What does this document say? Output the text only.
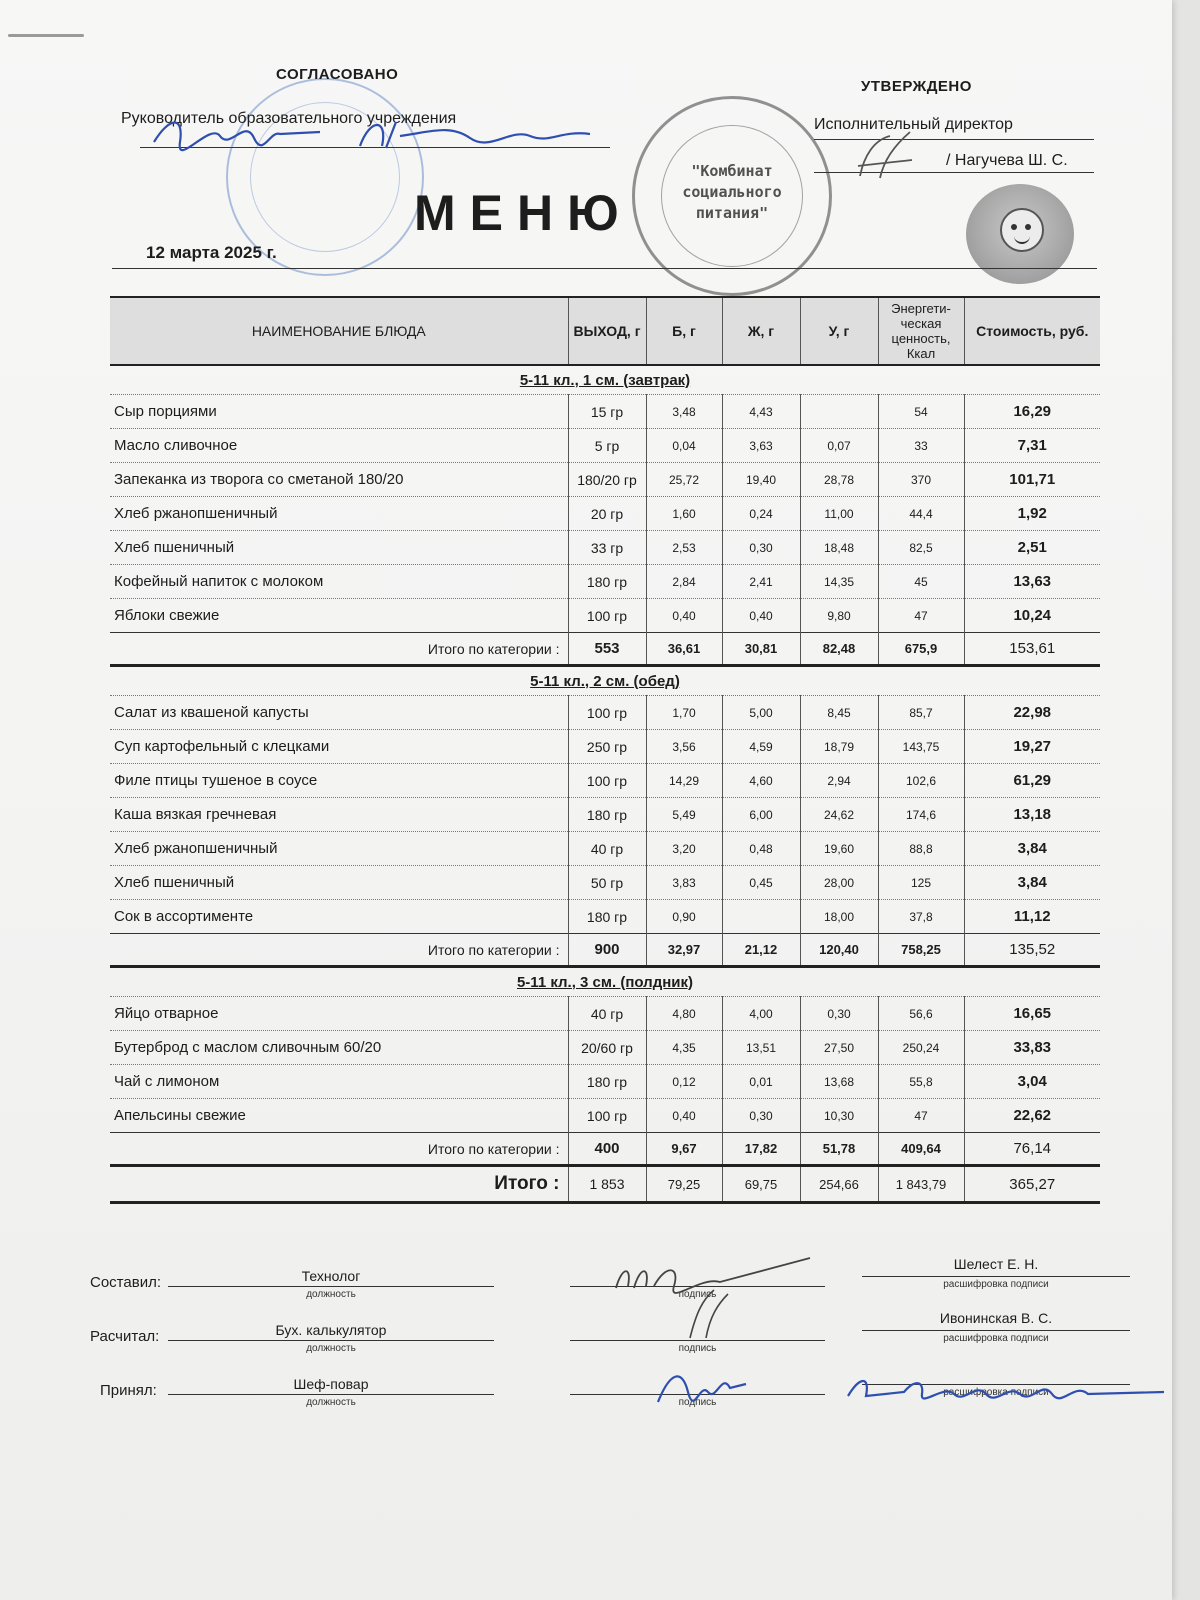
"Комбинат
социального
питания"
СОГЛАСОВАНО
Руководитель образовательного учреждения
УТВЕРЖДЕНО
Исполнительный директор
/ Нагучева Ш. С.
МЕНЮ
12 марта 2025 г.
НАИМЕНОВАНИЕ БЛЮДА	ВЫХОД, г	Б, г	Ж, г	У, г	Энергети-ческая ценность, Ккал	Стоимость, руб.
5-11 кл., 1 см. (завтрак)						
Сыр порциями	15 гр	3,48	4,43		54	16,29
Масло сливочное	5 гр	0,04	3,63	0,07	33	7,31
Запеканка из творога со сметаной 180/20	180/20 гр	25,72	19,40	28,78	370	101,71
Хлеб ржанопшеничный	20 гр	1,60	0,24	11,00	44,4	1,92
Хлеб пшеничный	33 гр	2,53	0,30	18,48	82,5	2,51
Кофейный напиток с молоком	180 гр	2,84	2,41	14,35	45	13,63
Яблоки свежие	100 гр	0,40	0,40	9,80	47	10,24
Итого по категории :	553	36,61	30,81	82,48	675,9	153,61
5-11 кл., 2 см. (обед)						
Салат из квашеной капусты	100 гр	1,70	5,00	8,45	85,7	22,98
Суп картофельный с клецками	250 гр	3,56	4,59	18,79	143,75	19,27
Филе птицы тушеное в соусе	100 гр	14,29	4,60	2,94	102,6	61,29
Каша вязкая гречневая	180 гр	5,49	6,00	24,62	174,6	13,18
Хлеб ржанопшеничный	40 гр	3,20	0,48	19,60	88,8	3,84
Хлеб пшеничный	50 гр	3,83	0,45	28,00	125	3,84
Сок в ассортименте	180 гр	0,90		18,00	37,8	11,12
Итого по категории :	900	32,97	21,12	120,40	758,25	135,52
5-11 кл., 3 см. (полдник)						
Яйцо отварное	40 гр	4,80	4,00	0,30	56,6	16,65
Бутерброд с маслом сливочным 60/20	20/60 гр	4,35	13,51	27,50	250,24	33,83
Чай с лимоном	180 гр	0,12	0,01	13,68	55,8	3,04
Апельсины свежие	100 гр	0,40	0,30	10,30	47	22,62
Итого по категории :	400	9,67	17,82	51,78	409,64	76,14
Итого :	1 853	79,25	69,75	254,66	1 843,79	365,27
Составил:	Технолог
должность	подпись
Шелест Е. Н.
расшифровка подписи
Расчитал:	Бух. калькулятор
должность	подпись
Ивонинская В. С.
расшифровка подписи
Принял:	Шеф-повар
должность	подпись
расшифровка подписи
